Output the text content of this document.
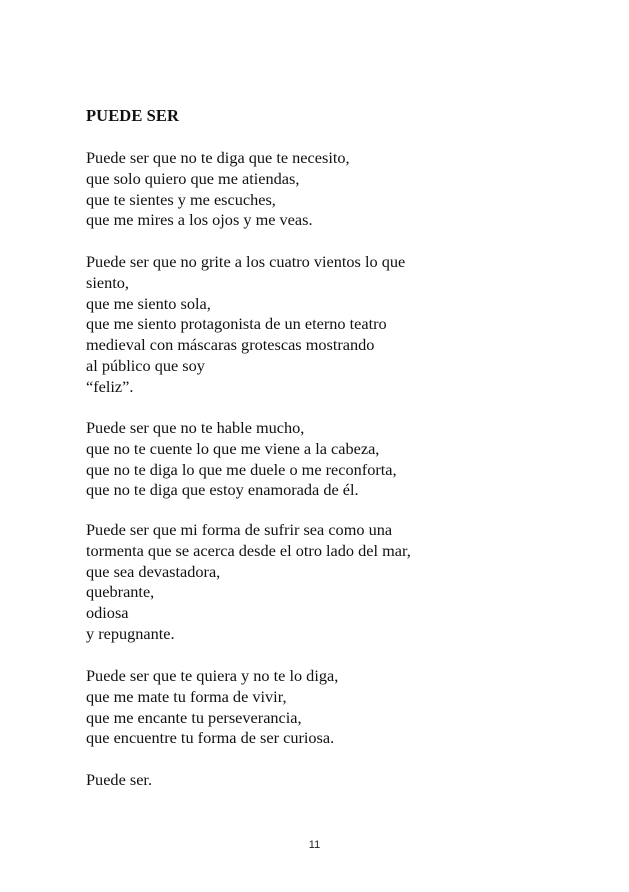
PUEDE SER
Puede ser que no te diga que te necesito,
que solo quiero que me atiendas,
que te sientes y me escuches,
que me mires a los ojos y me veas.
Puede ser que no grite a los cuatro vientos lo que
siento,
que me siento sola,
que me siento protagonista de un eterno teatro
medieval con máscaras grotescas mostrando
al público que soy
“feliz”.
Puede ser que no te hable mucho,
que no te cuente lo que me viene a la cabeza,
que no te diga lo que me duele o me reconforta,
que no te diga que estoy enamorada de él.
Puede ser que mi forma de sufrir sea como una
tormenta que se acerca desde el otro lado del mar,
que sea devastadora,
quebrante,
odiosa
y repugnante.
Puede ser que te quiera y no te lo diga,
que me mate tu forma de vivir,
que me encante tu perseverancia,
que encuentre tu forma de ser curiosa.
Puede ser.
11
